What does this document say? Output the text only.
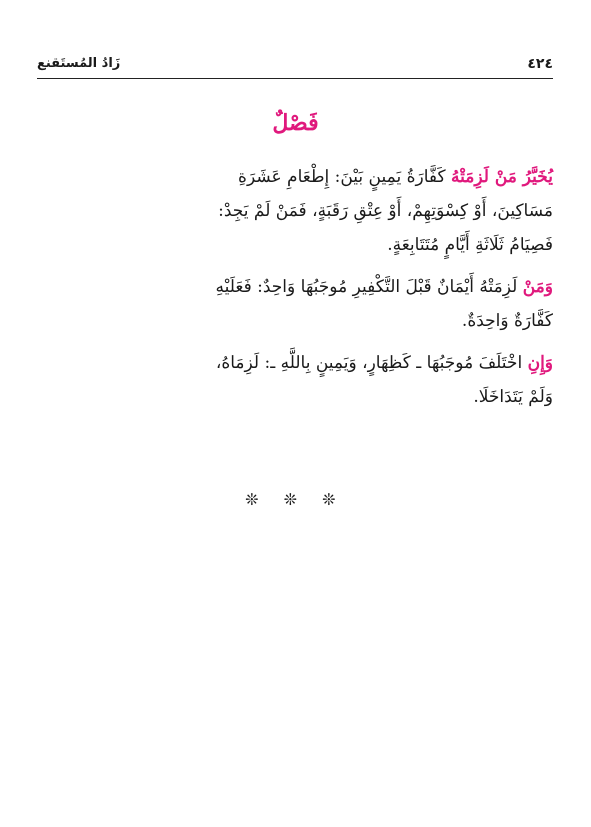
٤٢٤
زَادُ المُستَقنع
فَصْلٌ

يُخَيَّرُ مَنْ لَزِمَتْهُ كَفَّارَةُ يَمِينٍ بَيْنَ: إِطْعَامِ عَشَرَةِ
مَسَاكِينَ، أَوْ كِسْوَتِهِمْ، أَوْ عِتْقِ رَقَبَةٍ، فَمَنْ لَمْ يَجِدْ:
فَصِيَامُ ثَلَاثَةِ أَيَّامٍ مُتَتَابِعَةٍ.

وَمَنْ لَزِمَتْهُ أَيْمَانٌ قَبْلَ التَّكْفِيرِ مُوجَبُهَا وَاحِدٌ: فَعَلَيْهِ
كَفَّارَةٌ وَاحِدَةٌ.

وَإِنِ اخْتَلَفَ مُوجَبُهَا ـ كَظِهَارٍ، وَيَمِينٍ بِاللَّهِ ـ: لَزِمَاهُ،
وَلَمْ يَتَدَاخَلَا.

❊ ❊ ❊
